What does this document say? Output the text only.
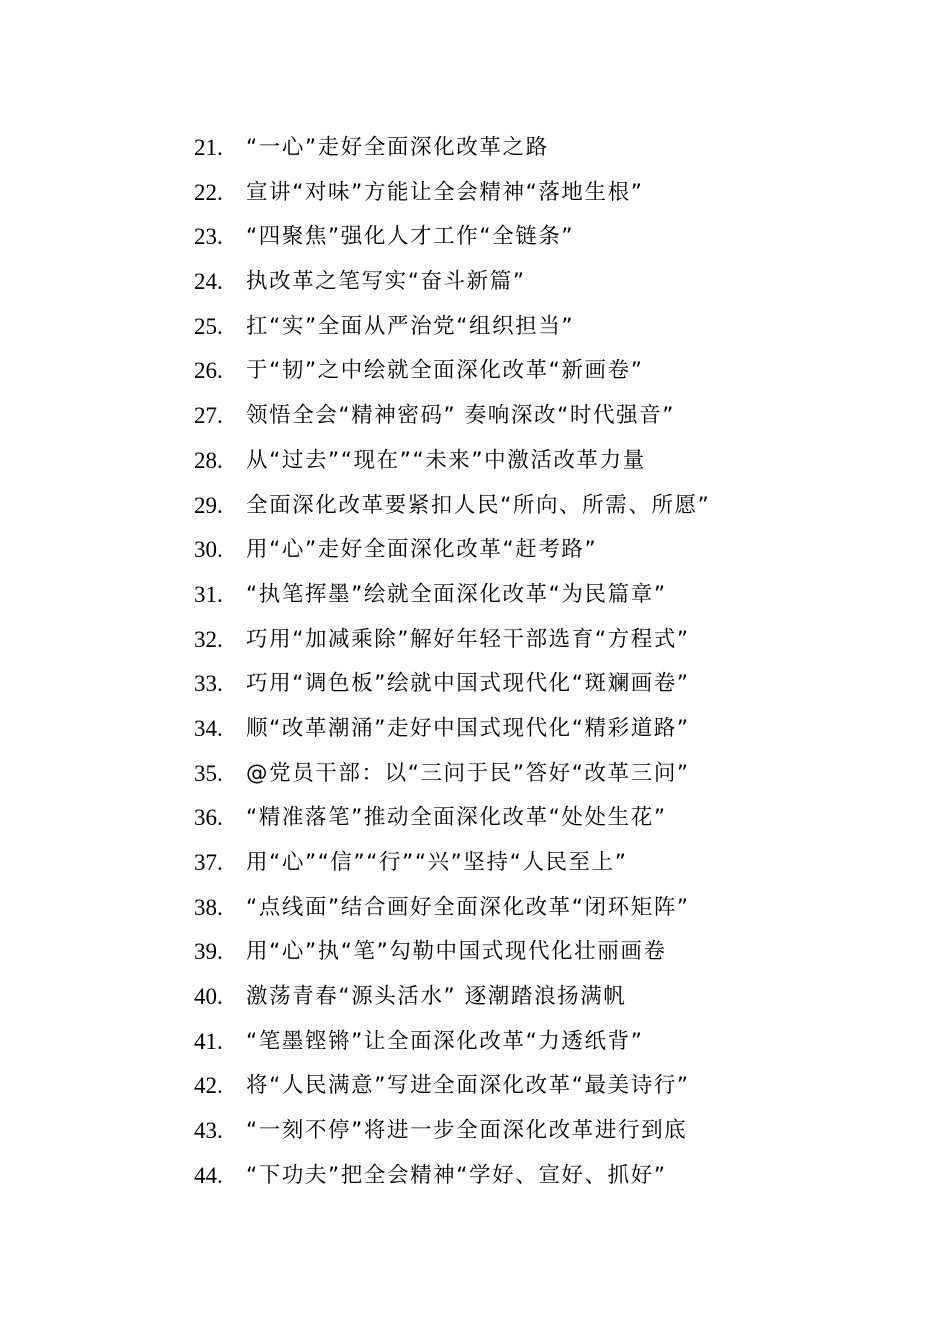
21.	“一心”走好全面深化改革之路
22.	宣讲“对味”方能让全会精神“落地生根”
23.	“四聚焦”强化人才工作“全链条”
24.	执改革之笔写实“奋斗新篇”
25.	扛“实”全面从严治党“组织担当”
26.	于“韧”之中绘就全面深化改革“新画卷”
27.	领悟全会“精神密码” 奏响深改“时代强音”
28.	从“过去”“现在”“未来”中激活改革力量
29.	全面深化改革要紧扣人民“所向、所需、所愿”
30.	用“心”走好全面深化改革“赶考路”
31.	“执笔挥墨”绘就全面深化改革“为民篇章”
32.	巧用“加减乘除”解好年轻干部选育“方程式”
33.	巧用“调色板”绘就中国式现代化“斑斓画卷”
34.	顺“改革潮涌”走好中国式现代化“精彩道路”
35.	@党员干部：以“三问于民”答好“改革三问”
36.	“精准落笔”推动全面深化改革“处处生花”
37.	用“心”“信”“行”“兴”坚持“人民至上”
38.	“点线面”结合画好全面深化改革“闭环矩阵”
39.	用“心”执“笔”勾勒中国式现代化壮丽画卷
40.	激荡青春“源头活水” 逐潮踏浪扬满帆
41.	“笔墨铿锵”让全面深化改革“力透纸背”
42.	将“人民满意”写进全面深化改革“最美诗行”
43.	“一刻不停”将进一步全面深化改革进行到底
44.	“下功夫”把全会精神“学好、宣好、抓好”
